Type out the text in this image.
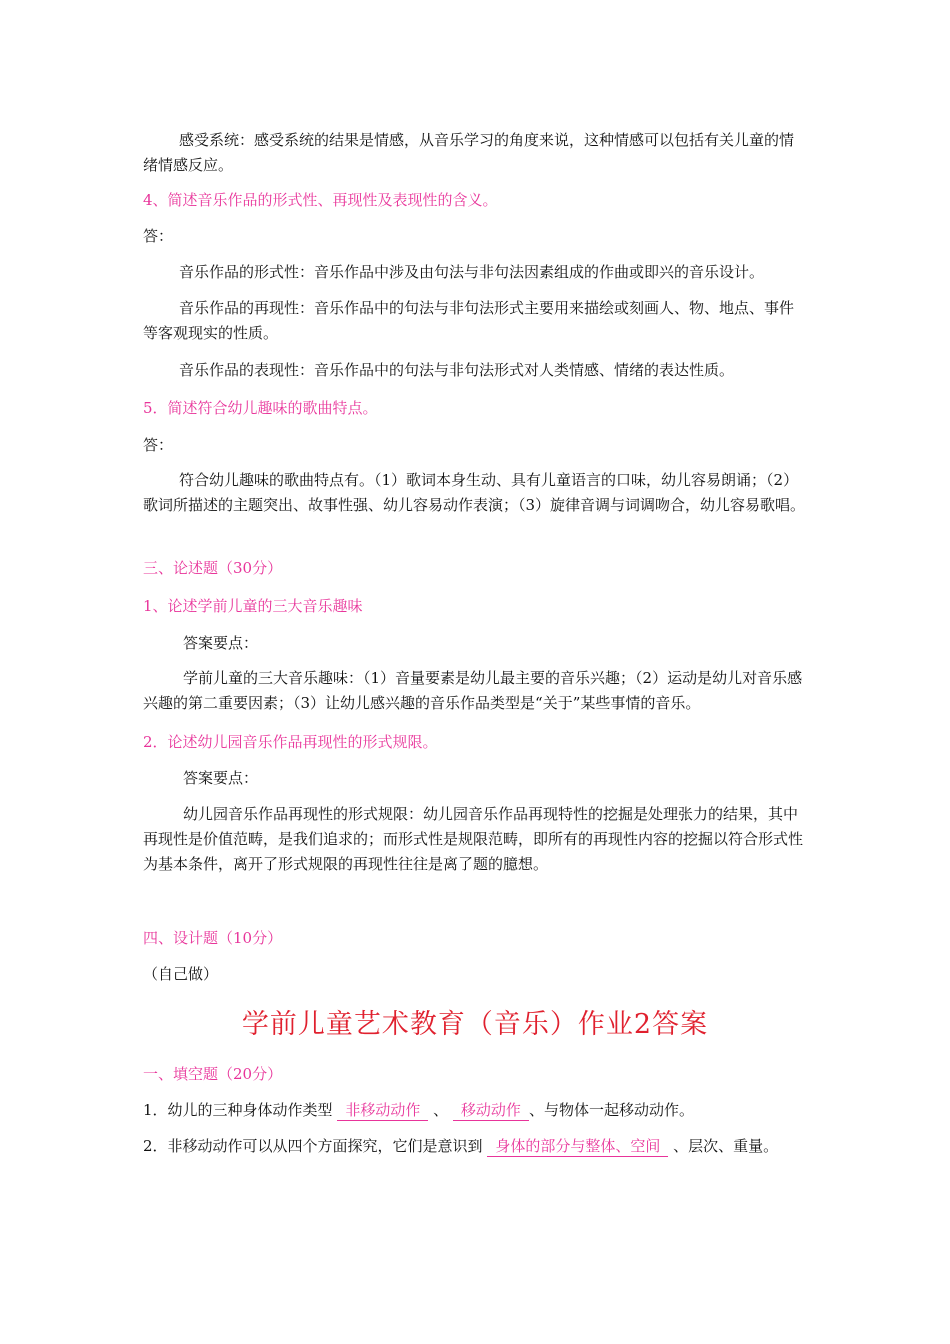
感受系统：感受系统的结果是情感，从音乐学习的角度来说，这种情感可以包括有关儿童的情绪情感反应。

4、简述音乐作品的形式性、再现性及表现性的含义。

答：

音乐作品的形式性：音乐作品中涉及由句法与非句法因素组成的作曲或即兴的音乐设计。

音乐作品的再现性：音乐作品中的句法与非句法形式主要用来描绘或刻画人、物、地点、事件等客观现实的性质。

音乐作品的表现性：音乐作品中的句法与非句法形式对人类情感、情绪的表达性质。

5．简述符合幼儿趣味的歌曲特点。

答：

符合幼儿趣味的歌曲特点有。（1）歌词本身生动、具有儿童语言的口味，幼儿容易朗诵；（2）歌词所描述的主题突出、故事性强、幼儿容易动作表演；（3）旋律音调与词调吻合，幼儿容易歌唱。

三、论述题（30分）

1、论述学前儿童的三大音乐趣味

答案要点：

学前儿童的三大音乐趣味：（1）音量要素是幼儿最主要的音乐兴趣；（2）运动是幼儿对音乐感兴趣的第二重要因素；（3）让幼儿感兴趣的音乐作品类型是“关于”某些事情的音乐。

2．论述幼儿园音乐作品再现性的形式规限。

答案要点：

幼儿园音乐作品再现性的形式规限：幼儿园音乐作品再现特性的挖掘是处理张力的结果，其中再现性是价值范畴，是我们追求的；而形式性是规限范畴，即所有的再现性内容的挖掘以符合形式性为基本条件，离开了形式规限的再现性往往是离了题的臆想。

四、设计题（10分）

（自己做）

学前儿童艺术教育（音乐）作业2答案

一、填空题（20分）

1．幼儿的三种身体动作类型 非移动动作 、 移动动作 、与物体一起移动动作。

2．非移动动作可以从四个方面探究，它们是意识到 身体的部分与整体、空间 、层次、重量。
